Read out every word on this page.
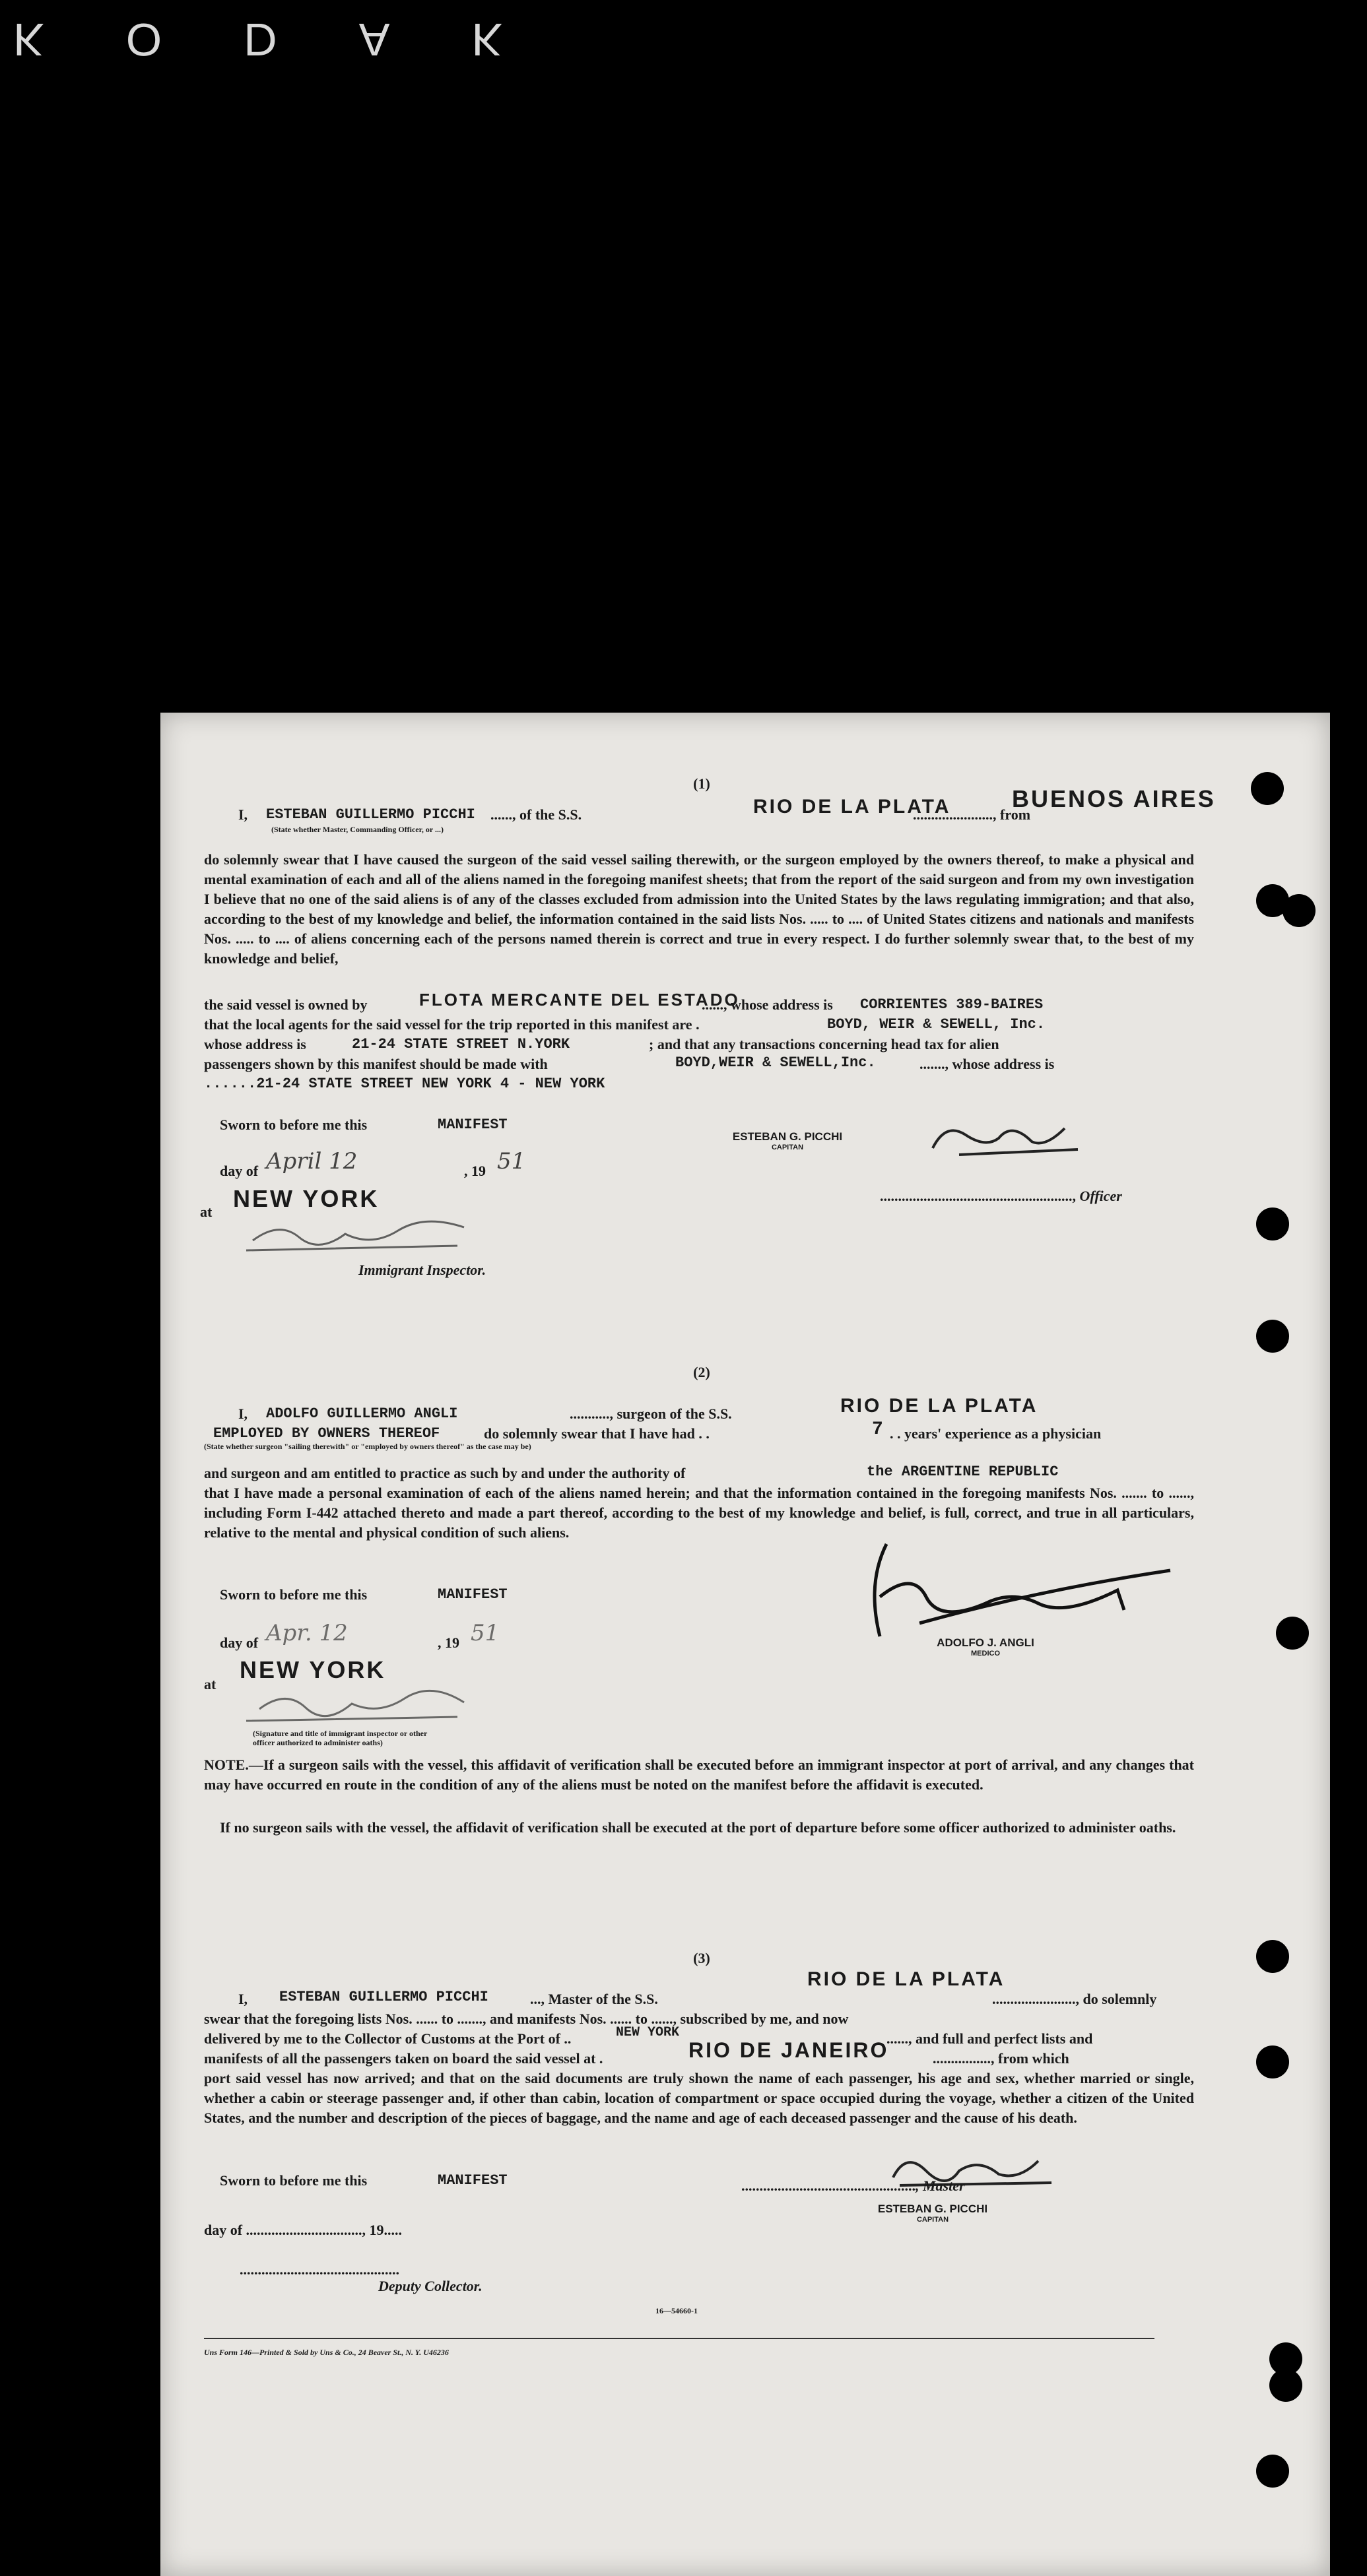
K O D A K
(1)
I, ESTEBAN GUILLERMO PICCHI ......, of the S.S.	RIO DE LA PLATA
......................, from
BUENOS AIRES
(State whether Master, Commanding Officer, or ...)
do solemnly swear that I have caused the surgeon of the said vessel sailing therewith, or the surgeon employed by the owners thereof, to make a physical and mental examination of each and all of the aliens named in the foregoing manifest sheets; that from the report of the said surgeon and from my own investigation I believe that no one of the said aliens is of any of the classes excluded from admission into the United States by the laws regulating immigration; and that also, according to the best of my knowledge and belief, the information contained in the said lists Nos. ..... to .... of United States citizens and nationals and manifests Nos. ..... to .... of aliens concerning each of the persons named therein is correct and true in every respect. I do further solemnly swear that, to the best of my knowledge and belief,
the said vessel is owned by	FLOTA MERCANTE DEL ESTADO
......, whose address is CORRIENTES 389-BAIRES
that the local agents for the said vessel for the trip reported in this manifest are .	BOYD, WEIR & SEWELL, Inc.
whose address is	21-24 STATE STREET N.YORK	; and that any transactions concerning head tax for alien
passengers shown by this manifest should be made with	BOYD,WEIR & SEWELL,Inc.	......., whose address is
......21-24 STATE STREET NEW YORK 4 - NEW YORK
Sworn to before me this	MANIFEST
ESTEBAN G. PICCHI
CAPITAN
day of April 12	, 19 51
....................................................., Officer
at NEW YORK
Immigrant Inspector.
(2)
I, ADOLFO GUILLERMO ANGLI	..........., surgeon of the S.S.	RIO DE LA PLATA
EMPLOYED BY OWNERS THEREOF	do solemnly swear that I have had . .	7 . . years' experience as a physician
(State whether surgeon "sailing therewith" or "employed by owners thereof" as the case may be)
and surgeon and am entitled to practice as such by and under the authority of	the ARGENTINE REPUBLIC
that I have made a personal examination of each of the aliens named herein; and that the information contained in the foregoing manifests Nos. ....... to ......, including Form I-442 attached thereto and made a part thereof, according to the best of my knowledge and belief, is full, correct, and true in all particulars, relative to the mental and physical condition of such aliens.
Sworn to before me this	MANIFEST
ADOLFO J. ANGLI
MEDICO
day of Apr. 12	, 19 51
at
NEW YORK
(Signature and title of immigrant inspector or other officer authorized to administer oaths)
NOTE.—If a surgeon sails with the vessel, this affidavit of verification shall be executed before an immigrant inspector at port of arrival, and any changes that may have occurred en route in the condition of any of the aliens must be noted on the manifest before the affidavit is executed.
If no surgeon sails with the vessel, the affidavit of verification shall be executed at the port of departure before some officer authorized to administer oaths.
(3)
RIO DE LA PLATA
I, ESTEBAN GUILLERMO PICCHI	..., Master of the S.S.	......................., do solemnly
swear that the foregoing lists Nos. ...... to ......., and manifests Nos. ...... to ......, subscribed by me, and now
delivered by me to the Collector of Customs at the Port of ..	NEW YORK	......, and full and perfect lists and
manifests of all the passengers taken on board the said vessel at .	RIO DE JANEIRO	................, from which
port said vessel has now arrived; and that on the said documents are truly shown the name of each passenger, his age and sex, whether married or single, whether a cabin or steerage passenger and, if other than cabin, location of compartment or space occupied during the voyage, whether a citizen of the United States, and the number and description of the pieces of baggage, and the name and age of each deceased passenger and the cause of his death.
Sworn to before me this	MANIFEST	................................................, Master
ESTEBAN G. PICCHI
CAPITAN
day of ................................, 19.....
............................................
Deputy Collector.
16—54660-1
Uns Form 146—Printed & Sold by Uns & Co., 24 Beaver St., N. Y. U46236
